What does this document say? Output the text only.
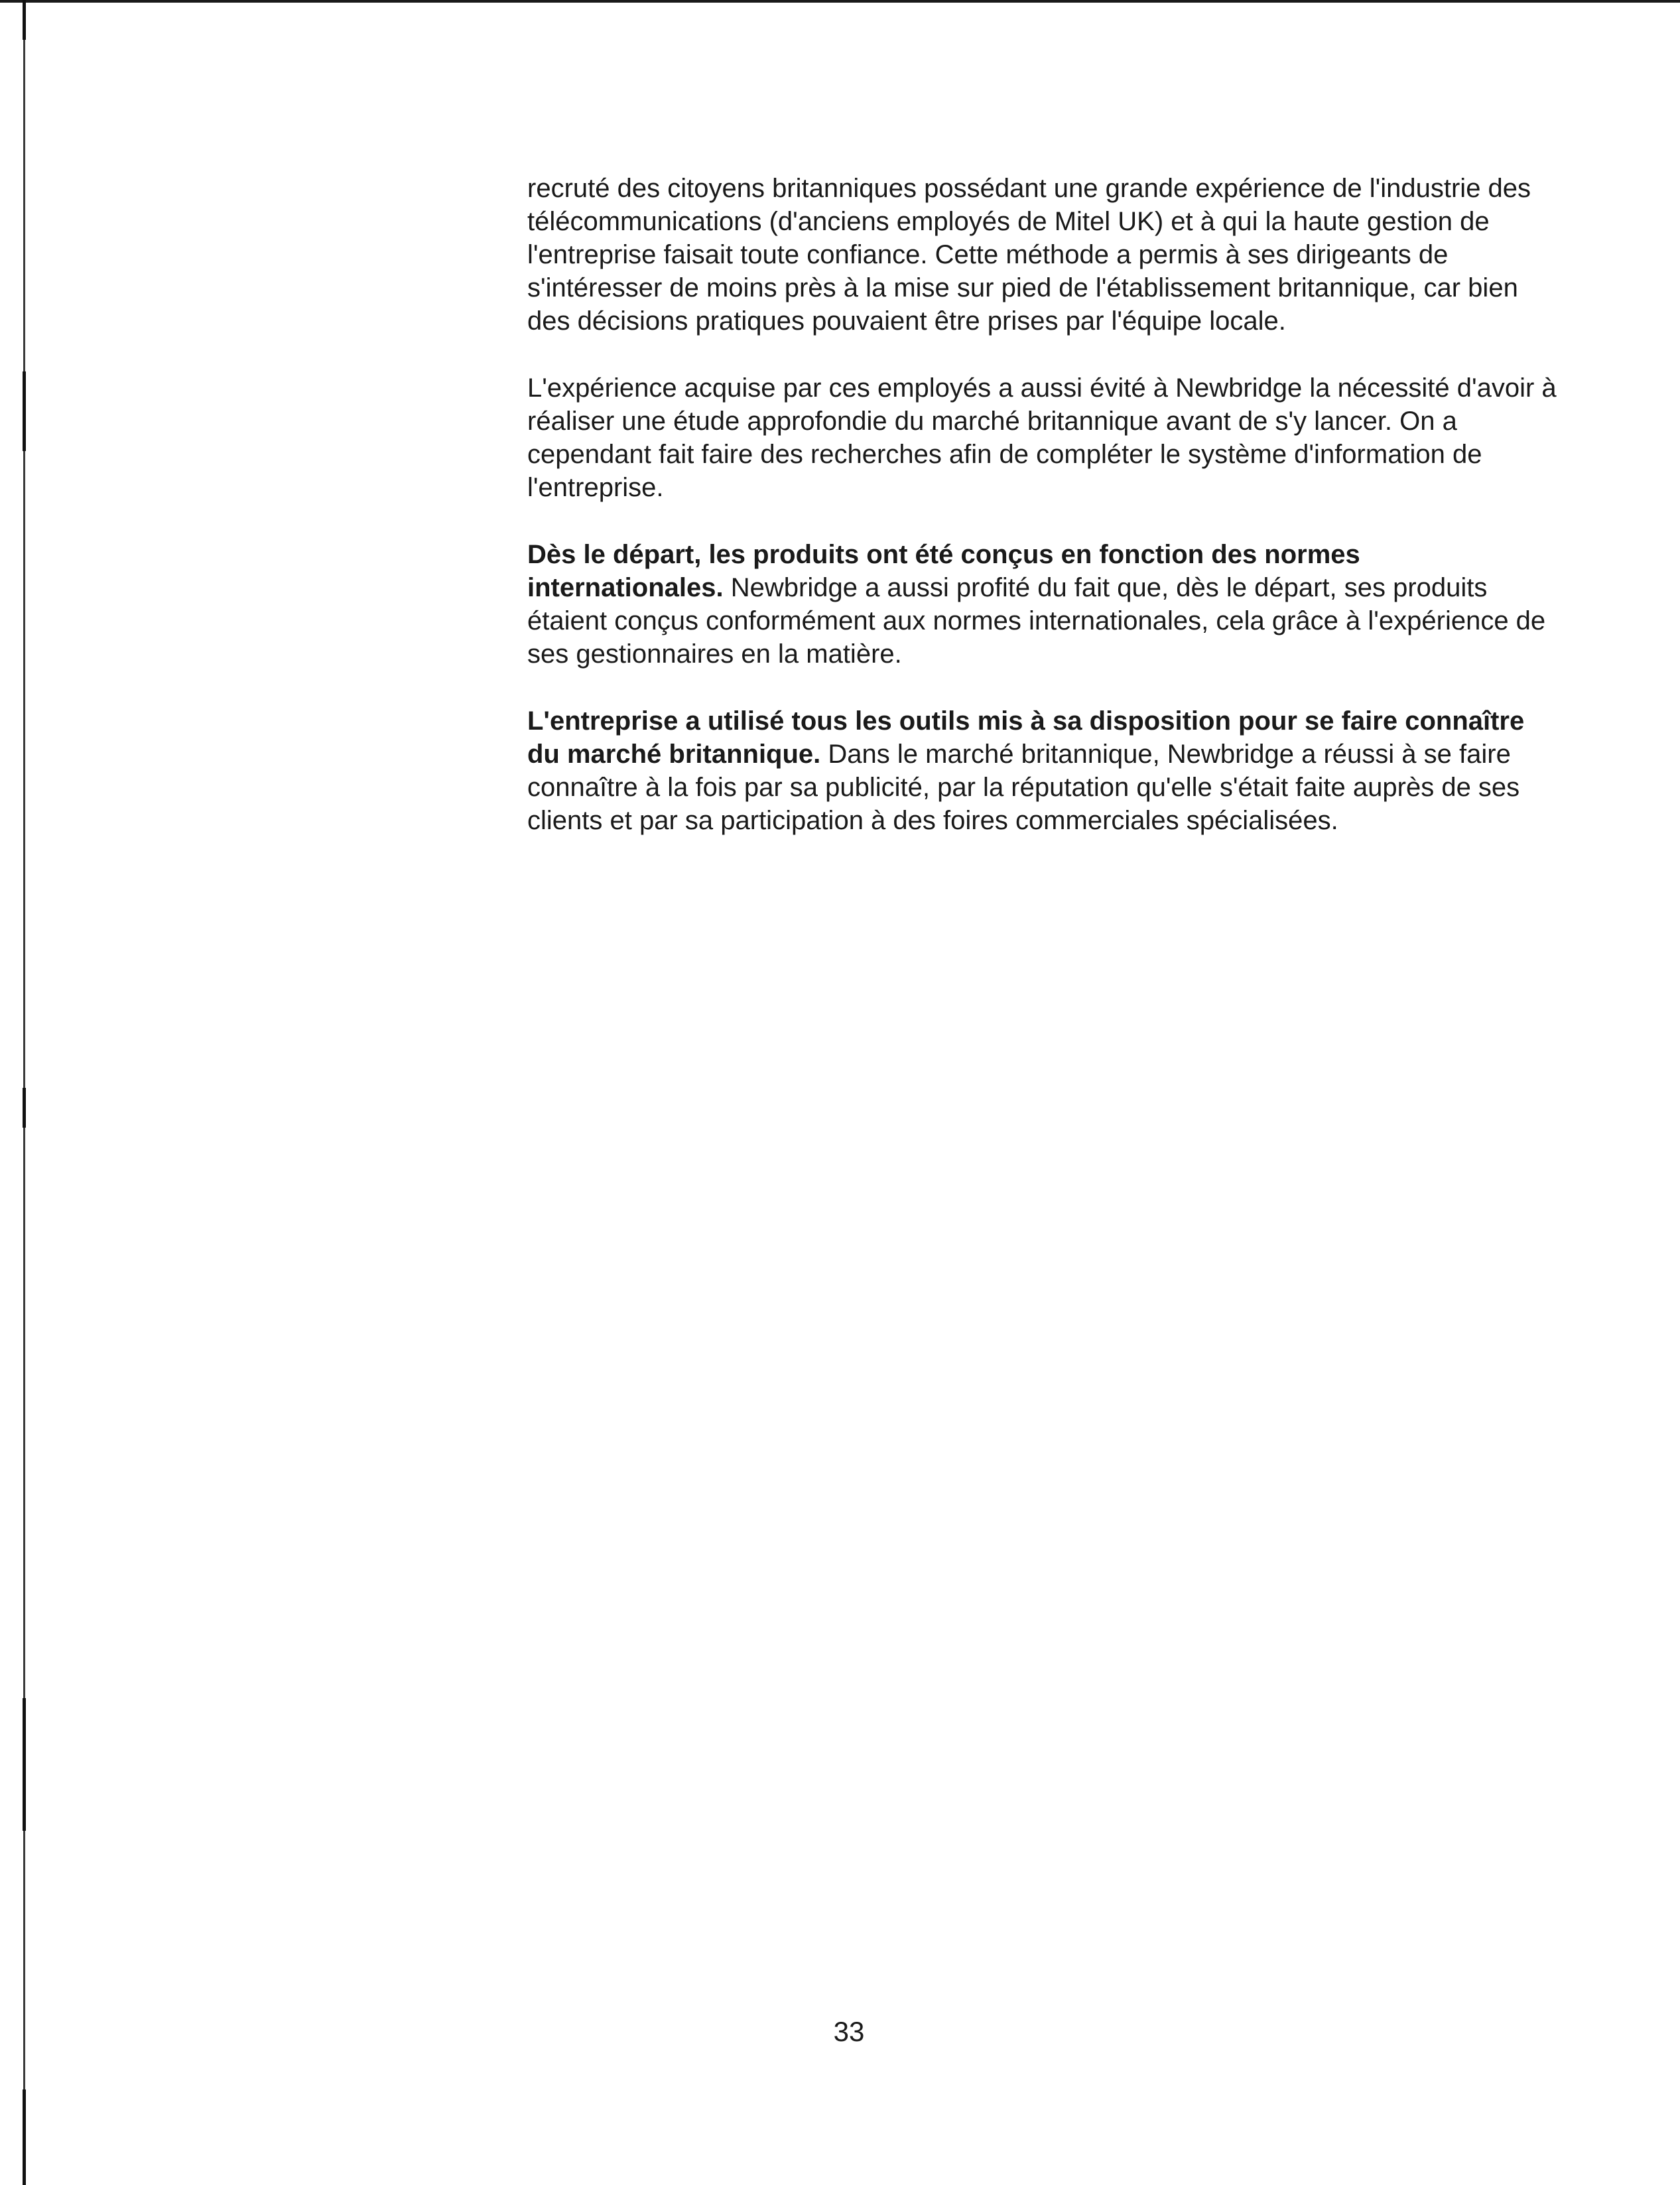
recruté des citoyens britanniques possédant une grande expérience de l'industrie des télécommunications (d'anciens employés de Mitel UK) et à qui la haute gestion de l'entreprise faisait toute confiance. Cette méthode a permis à ses dirigeants de s'intéresser de moins près à la mise sur pied de l'établissement britannique, car bien des décisions pratiques pouvaient être prises par l'équipe locale.

L'expérience acquise par ces employés a aussi évité à Newbridge la nécessité d'avoir à réaliser une étude approfondie du marché britannique avant de s'y lancer. On a cependant fait faire des recherches afin de compléter le système d'information de l'entreprise.

Dès le départ, les produits ont été conçus en fonction des normes internationales. Newbridge a aussi profité du fait que, dès le départ, ses produits étaient conçus conformément aux normes internationales, cela grâce à l'expérience de ses gestionnaires en la matière.

L'entreprise a utilisé tous les outils mis à sa disposition pour se faire connaître du marché britannique. Dans le marché britannique, Newbridge a réussi à se faire connaître à la fois par sa publicité, par la réputation qu'elle s'était faite auprès de ses clients et par sa participation à des foires commerciales spécialisées.

33
